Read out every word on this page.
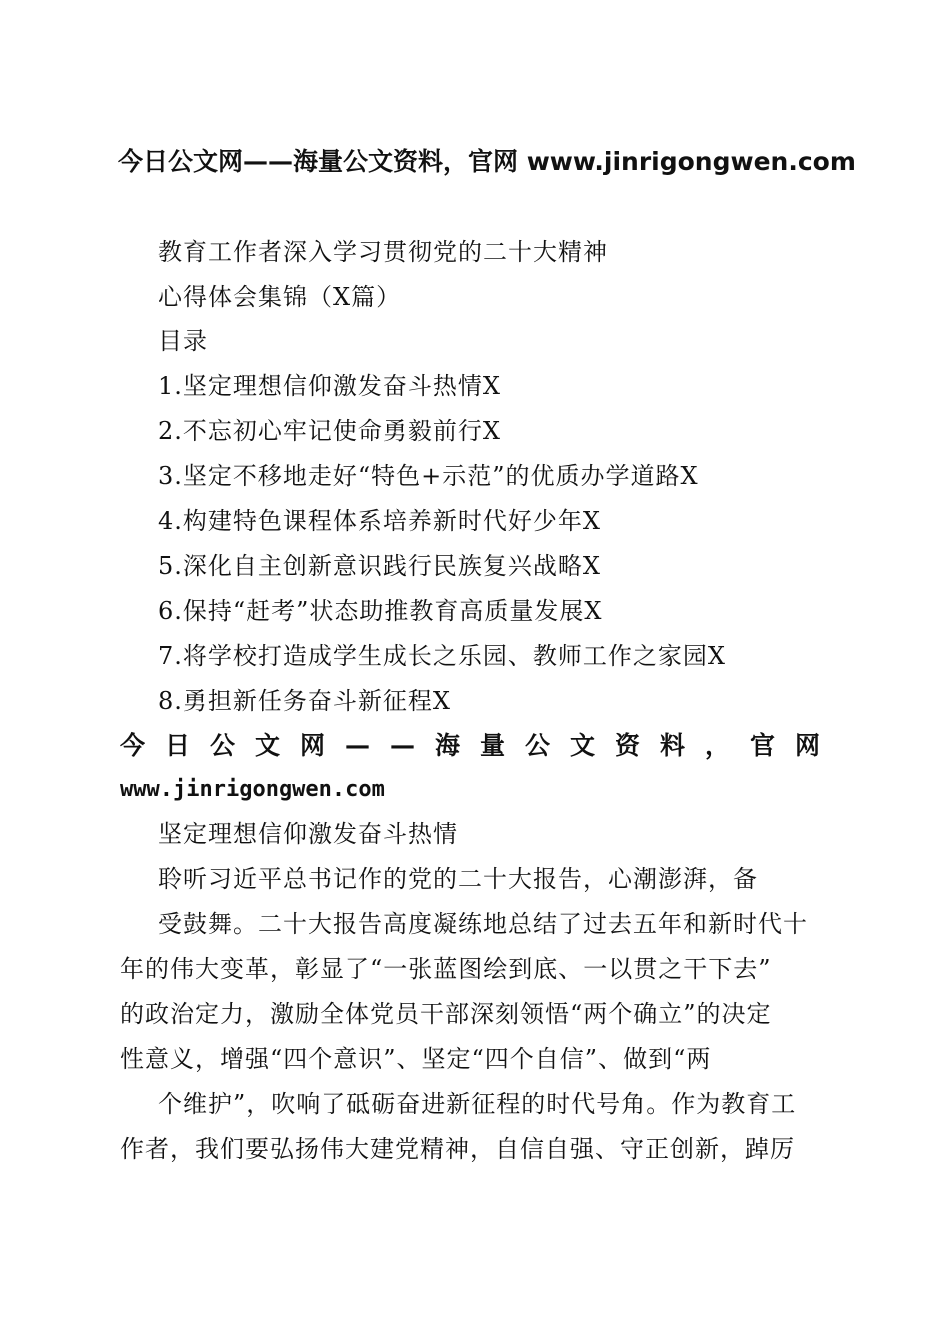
今日公文网——海量公文资料，官网 www.jinrigongwen.com
教育工作者深入学习贯彻党的二十大精神
心得体会集锦（X篇）
目录
1.坚定理想信仰激发奋斗热情X
2.不忘初心牢记使命勇毅前行X
3.坚定不移地走好“特色+示范”的优质办学道路X
4.构建特色课程体系培养新时代好少年X
5.深化自主创新意识践行民族复兴战略X
6.保持“赶考”状态助推教育高质量发展X
7.将学校打造成学生成长之乐园、教师工作之家园X
8.勇担新任务奋斗新征程X
今 日 公 文 网 — — 海 量 公 文 资 料 ， 官 网
www.jinrigongwen.com
坚定理想信仰激发奋斗热情
聆听习近平总书记作的党的二十大报告，心潮澎湃，备
受鼓舞。二十大报告高度凝练地总结了过去五年和新时代十
年的伟大变革，彰显了“一张蓝图绘到底、一以贯之干下去”
的政治定力，激励全体党员干部深刻领悟“两个确立”的决定
性意义，增强“四个意识”、坚定“四个自信”、做到“两
个维护”，吹响了砥砺奋进新征程的时代号角。作为教育工
作者，我们要弘扬伟大建党精神，自信自强、守正创新，踔厉
